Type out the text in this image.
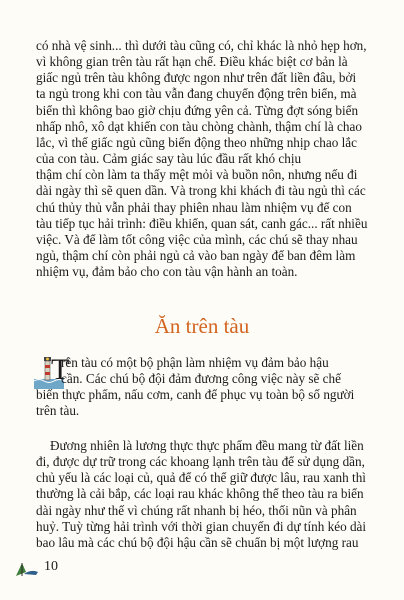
có nhà vệ sinh... thì dưới tàu cũng có, chỉ khác là nhỏ hẹp hơn,
vì không gian trên tàu rất hạn chế. Điều khác biệt cơ bản là
giấc ngủ trên tàu không được ngon như trên đất liền đâu, bởi
ta ngủ trong khi con tàu vẫn đang chuyển động trên biển, mà
biển thì không bao giờ chịu đứng yên cả. Từng đợt sóng biển
nhấp nhô, xô dạt khiến con tàu chòng chành, thậm chí là chao
lắc, vì thế giấc ngủ cũng biến động theo những nhịp chao lắc
của con tàu. Cảm giác say tàu lúc đầu rất khó chịu
thậm chí còn làm ta thấy mệt mỏi và buồn nôn, nhưng nếu đi
dài ngày thì sẽ quen dần. Và trong khi khách đi tàu ngủ thì các
chú thủy thủ vẫn phải thay phiên nhau làm nhiệm vụ để con
tàu tiếp tục hải trình: điều khiển, quan sát, canh gác... rất nhiều
việc. Và để làm tốt công việc của mình, các chú sẽ thay nhau
ngủ, thậm chí còn phải ngủ cả vào ban ngày để ban đêm làm
nhiệm vụ, đảm bảo cho con tàu vận hành an toàn.

Ăn trên tàu
T

rên tàu có một bộ phận làm nhiệm vụ đảm bảo hậu
cần. Các chú bộ đội đảm đương công việc này sẽ chế
biến thực phẩm, nấu cơm, canh để phục vụ toàn bộ số người
trên tàu.

Đương nhiên là lương thực thực phẩm đều mang từ đất liền
đi, được dự trữ trong các khoang lạnh trên tàu để sử dụng dần,
chủ yếu là các loại củ, quả để có thể giữ được lâu, rau xanh thì
thường là cải bắp, các loại rau khác không thể theo tàu ra biển
dài ngày như thế vì chúng rất nhanh bị héo, thối nũn và phân
huỷ. Tuỳ từng hải trình với thời gian chuyến đi dự tính kéo dài
bao lâu mà các chú bộ đội hậu cần sẽ chuẩn bị một lượng rau

10
